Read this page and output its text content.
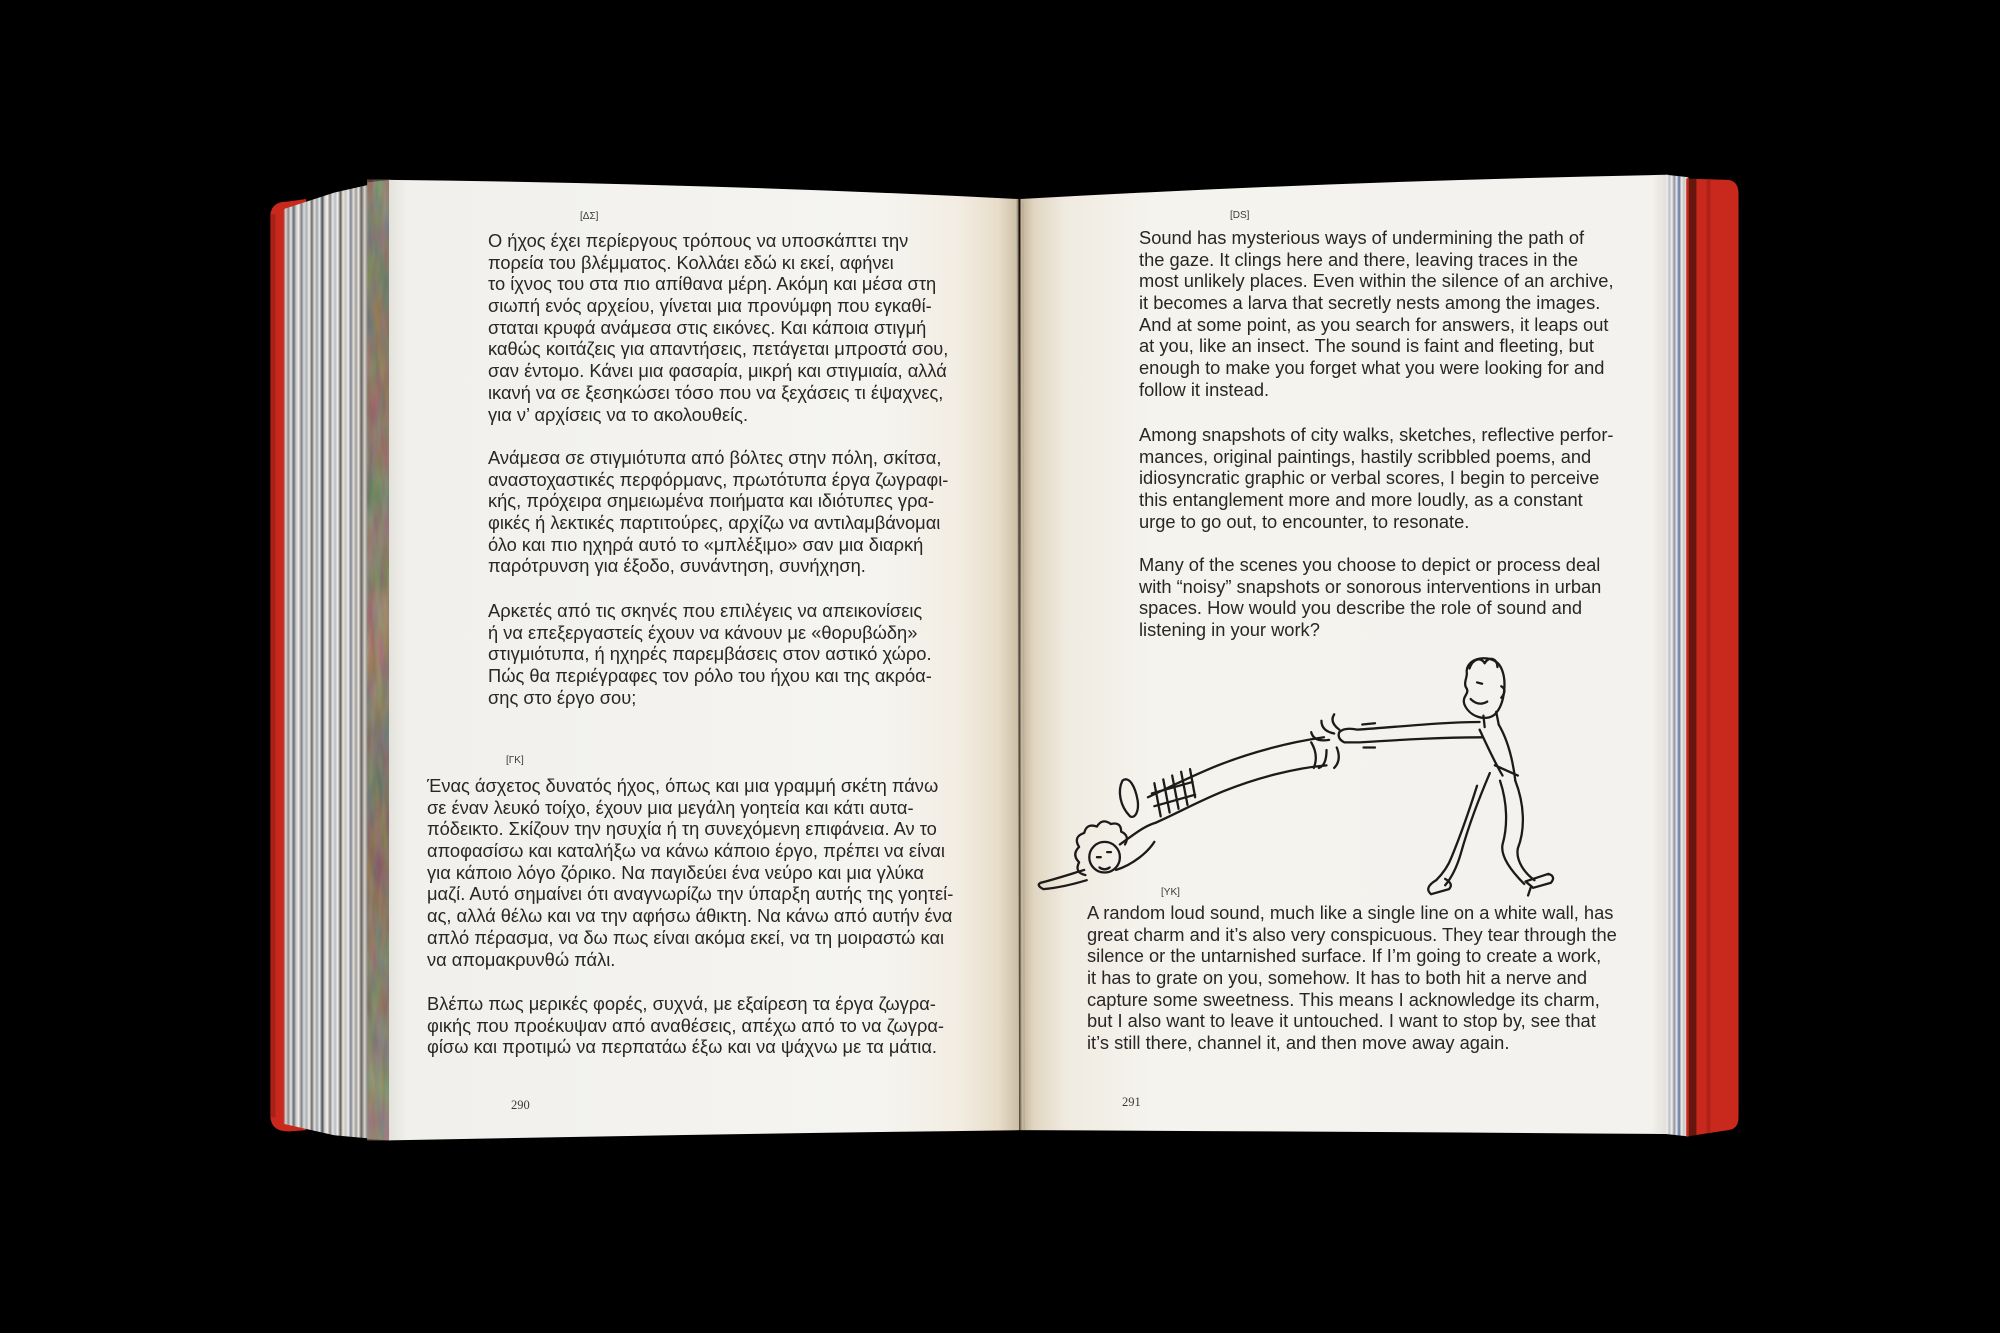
[ΔΣ]
Ο ήχος έχει περίεργους τρόπους να υποσκάπτει την
πορεία του βλέμματος. Κολλάει εδώ κι εκεί, αφήνει
το ίχνος του στα πιο απίθανα μέρη. Ακόμη και μέσα στη
σιωπή ενός αρχείου, γίνεται μια προνύμφη που εγκαθί-
σταται κρυφά ανάμεσα στις εικόνες. Και κάποια στιγμή
καθώς κοιτάζεις για απαντήσεις, πετάγεται μπροστά σου,
σαν έντομο. Κάνει μια φασαρία, μικρή και στιγμιαία, αλλά
ικανή να σε ξεσηκώσει τόσο που να ξεχάσεις τι έψαχνες,
για ν’ αρχίσεις να το ακολουθείς.
Ανάμεσα σε στιγμιότυπα από βόλτες στην πόλη, σκίτσα,
αναστοχαστικές περφόρμανς, πρωτότυπα έργα ζωγραφι-
κής, πρόχειρα σημειωμένα ποιήματα και ιδιότυπες γρα-
φικές ή λεκτικές παρτιτούρες, αρχίζω να αντιλαμβάνομαι
όλο και πιο ηχηρά αυτό το «μπλέξιμο» σαν μια διαρκή
παρότρυνση για έξοδο, συνάντηση, συνήχηση.
Αρκετές από τις σκηνές που επιλέγεις να απεικονίσεις
ή να επεξεργαστείς έχουν να κάνουν με «θορυβώδη»
στιγμιότυπα, ή ηχηρές παρεμβάσεις στον αστικό χώρο.
Πώς θα περιέγραφες τον ρόλο του ήχου και της ακρόα-
σης στο έργο σου;
[ΓΚ]
Ένας άσχετος δυνατός ήχος, όπως και μια γραμμή σκέτη πάνω
σε έναν λευκό τοίχο, έχουν μια μεγάλη γοητεία και κάτι αυτα-
πόδεικτο. Σκίζουν την ησυχία ή τη συνεχόμενη επιφάνεια. Αν το
αποφασίσω και καταλήξω να κάνω κάποιο έργο, πρέπει να είναι
για κάποιο λόγο ζόρικο. Να παγιδεύει ένα νεύρο και μια γλύκα
μαζί. Αυτό σημαίνει ότι αναγνωρίζω την ύπαρξη αυτής της γοητεί-
ας, αλλά θέλω και να την αφήσω άθικτη. Να κάνω από αυτήν ένα
απλό πέρασμα, να δω πως είναι ακόμα εκεί, να τη μοιραστώ και
να απομακρυνθώ πάλι.
Βλέπω πως μερικές φορές, συχνά, με εξαίρεση τα έργα ζωγρα-
φικής που προέκυψαν από αναθέσεις, απέχω από το να ζωγρα-
φίσω και προτιμώ να περπατάω έξω και να ψάχνω με τα μάτια.
290
[DS]
Sound has mysterious ways of undermining the path of
the gaze. It clings here and there, leaving traces in the
most unlikely places. Even within the silence of an archive,
it becomes a larva that secretly nests among the images.
And at some point, as you search for answers, it leaps out
at you, like an insect. The sound is faint and fleeting, but
enough to make you forget what you were looking for and
follow it instead.
Among snapshots of city walks, sketches, reflective perfor-
mances, original paintings, hastily scribbled poems, and
idiosyncratic graphic or verbal scores, I begin to perceive
this entanglement more and more loudly, as a constant
urge to go out, to encounter, to resonate.
Many of the scenes you choose to depict or process deal
with “noisy” snapshots or sonorous interventions in urban
spaces. How would you describe the role of sound and
listening in your work?
[YK]
A random loud sound, much like a single line on a white wall, has
great charm and it’s also very conspicuous. They tear through the
silence or the untarnished surface. If I’m going to create a work,
it has to grate on you, somehow. It has to both hit a nerve and
capture some sweetness. This means I acknowledge its charm,
but I also want to leave it untouched. I want to stop by, see that
it’s still there, channel it, and then move away again.
291
